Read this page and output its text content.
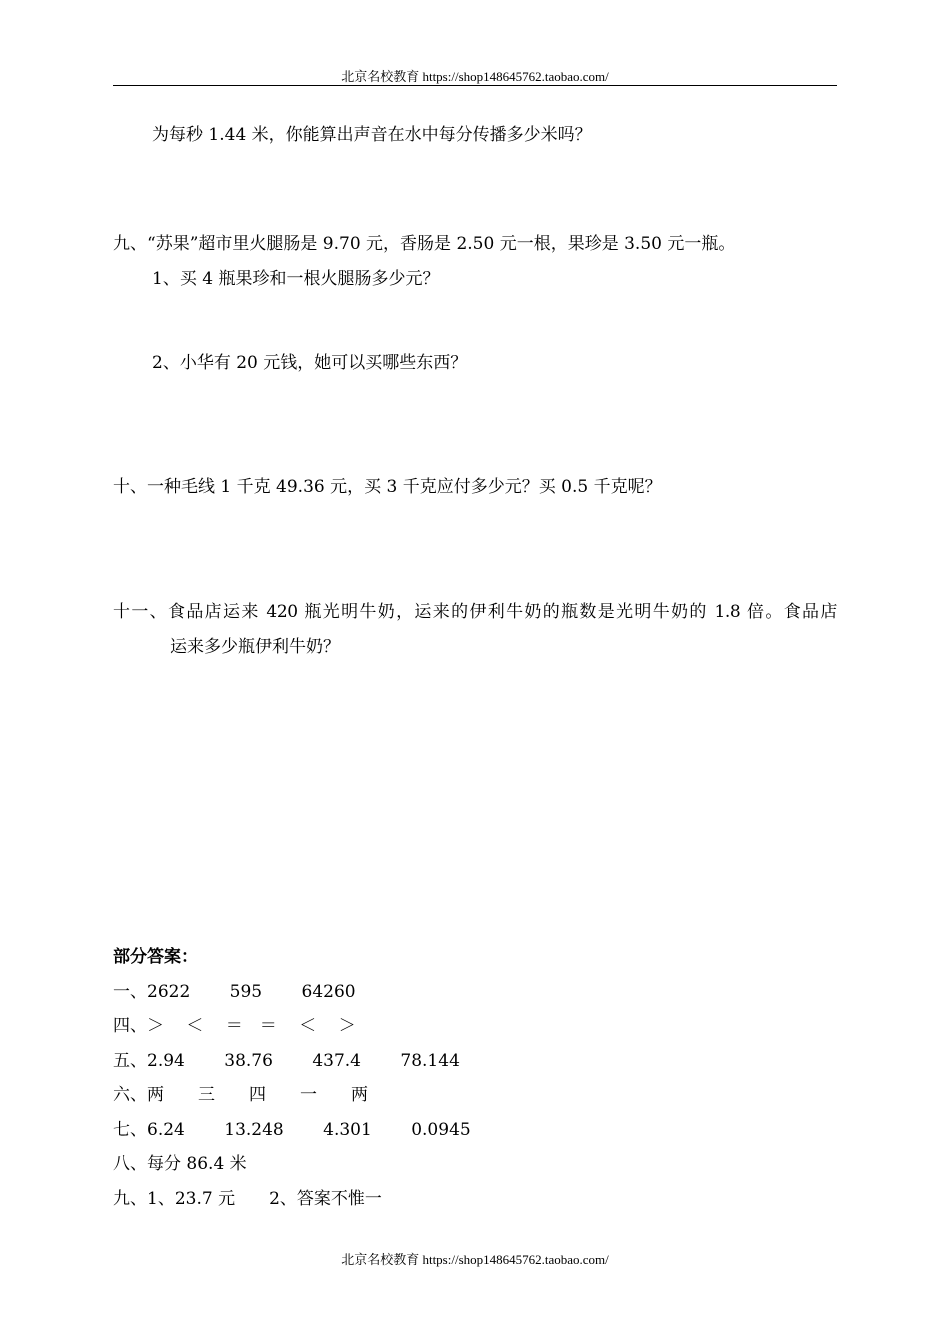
北京名校教育 https://shop148645762.taobao.com/
为每秒 1.44 米，你能算出声音在水中每分传播多少米吗？
九、“苏果”超市里火腿肠是 9.70 元，香肠是 2.50 元一根，果珍是 3.50 元一瓶。
1、买 4 瓶果珍和一根火腿肠多少元？
2、小华有 20 元钱，她可以买哪些东西？
十、一种毛线 1 千克 49.36 元，买 3 千克应付多少元？买 0.5 千克呢？
十一、食品店运来 420 瓶光明牛奶，运来的伊利牛奶的瓶数是光明牛奶的 1.8 倍。食品店
运来多少瓶伊利牛奶？
部分答案：
一、2622　　 595　　 64260
四、＞　 ＜　 ＝　＝　 ＜　 ＞
五、2.94　　 38.76　　 437.4　　 78.144
六、两　　三　　四　　一　　两
七、6.24　　 13.248　　 4.301　　 0.0945
八、每分 86.4 米
九、1、23.7 元　　2、答案不惟一
北京名校教育 https://shop148645762.taobao.com/
